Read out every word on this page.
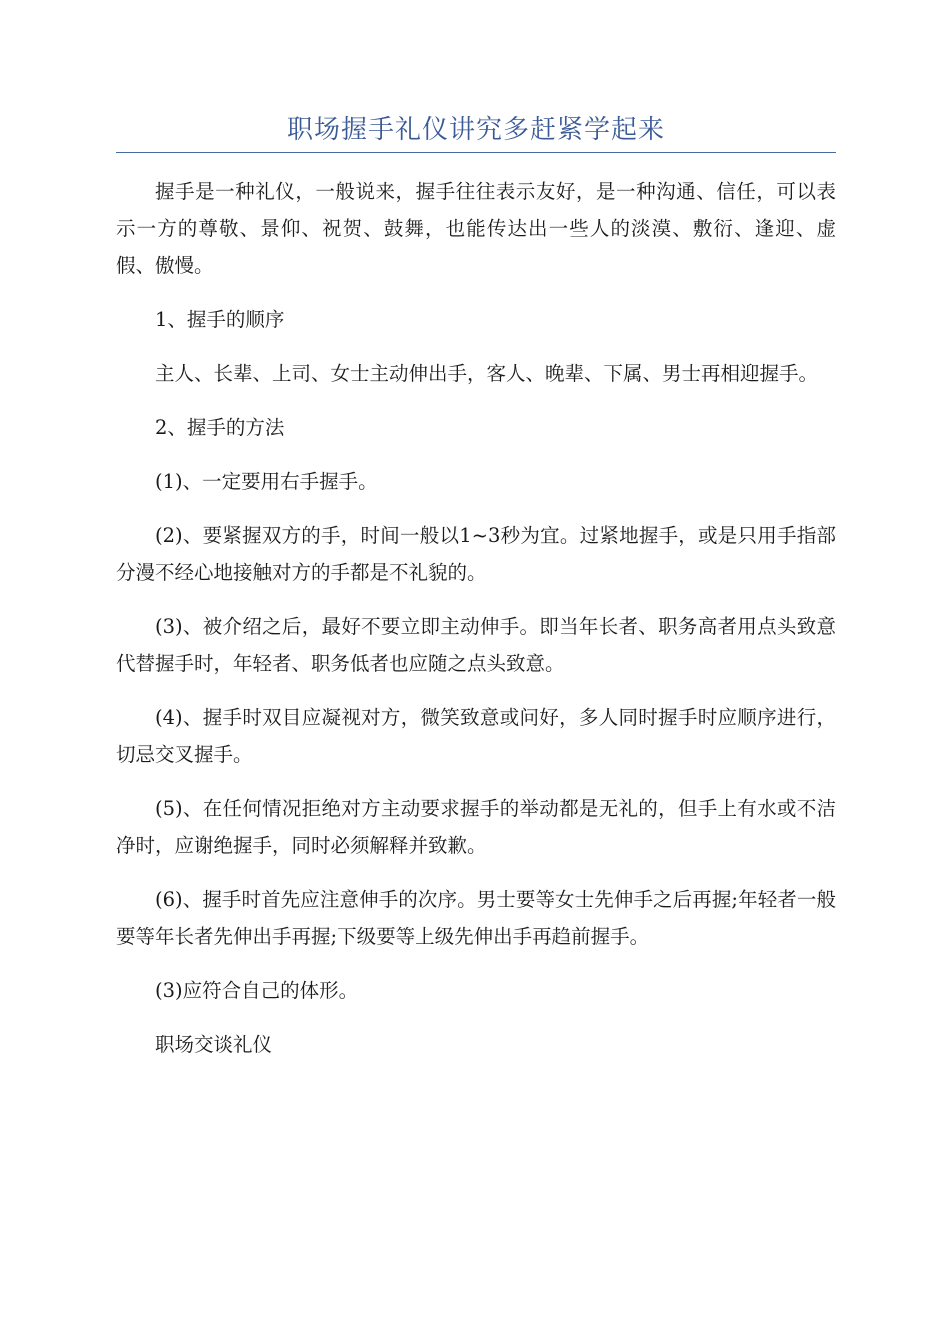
职场握手礼仪讲究多赶紧学起来

握手是一种礼仪，一般说来，握手往往表示友好，是一种沟通、信任，可以表示一方的尊敬、景仰、祝贺、鼓舞，也能传达出一些人的淡漠、敷衍、逢迎、虚假、傲慢。

1、握手的顺序

主人、长辈、上司、女士主动伸出手，客人、晚辈、下属、男士再相迎握手。

2、握手的方法

(1)、一定要用右手握手。

(2)、要紧握双方的手，时间一般以1~3秒为宜。过紧地握手，或是只用手指部分漫不经心地接触对方的手都是不礼貌的。

(3)、被介绍之后，最好不要立即主动伸手。即当年长者、职务高者用点头致意代替握手时，年轻者、职务低者也应随之点头致意。

(4)、握手时双目应凝视对方，微笑致意或问好，多人同时握手时应顺序进行，切忌交叉握手。

(5)、在任何情况拒绝对方主动要求握手的举动都是无礼的，但手上有水或不洁净时，应谢绝握手，同时必须解释并致歉。

(6)、握手时首先应注意伸手的次序。男士要等女士先伸手之后再握;年轻者一般要等年长者先伸出手再握;下级要等上级先伸出手再趋前握手。

(3)应符合自己的体形。

职场交谈礼仪
